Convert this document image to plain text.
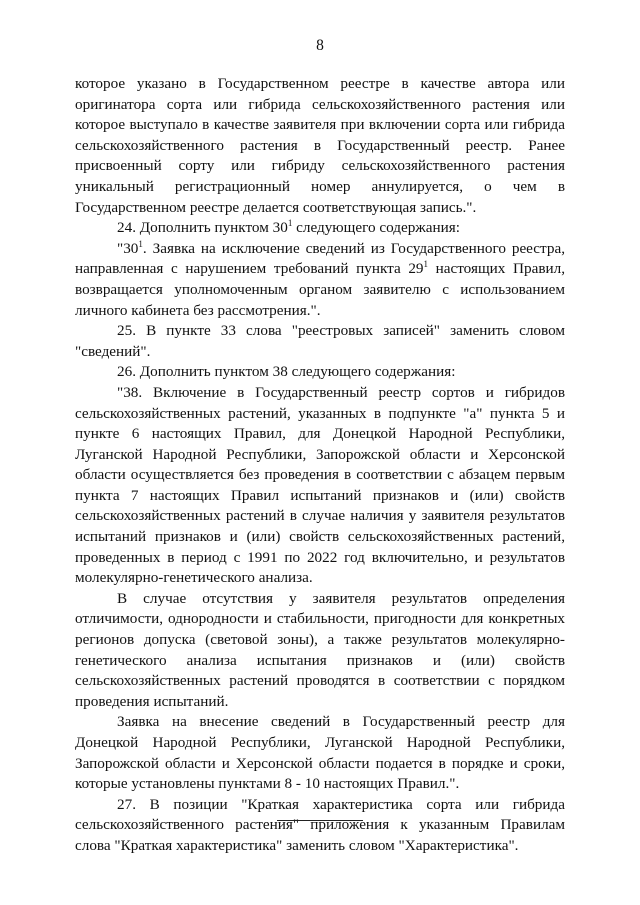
8

которое указано в Государственном реестре в качестве автора или оригинатора сорта или гибрида сельскохозяйственного растения или которое выступало в качестве заявителя при включении сорта или гибрида сельскохозяйственного растения в Государственный реестр. Ранее присвоенный сорту или гибриду сельскохозяйственного растения уникальный регистрационный номер аннулируется, о чем в Государственном реестре делается соответствующая запись.".

24. Дополнить пунктом $30^1$ следующего содержания:

"$30^1$. Заявка на исключение сведений из Государственного реестра, направленная с нарушением требований пункта $29^1$ настоящих Правил, возвращается уполномоченным органом заявителю с использованием личного кабинета без рассмотрения.".

25. В пункте 33 слова "реестровых записей" заменить словом "сведений".

26. Дополнить пунктом 38 следующего содержания:

"38. Включение в Государственный реестр сортов и гибридов сельскохозяйственных растений, указанных в подпункте "а" пункта 5 и пункте 6 настоящих Правил, для Донецкой Народной Республики, Луганской Народной Республики, Запорожской области и Херсонской области осуществляется без проведения в соответствии с абзацем первым пункта 7 настоящих Правил испытаний признаков и (или) свойств сельскохозяйственных растений в случае наличия у заявителя результатов испытаний признаков и (или) свойств сельскохозяйственных растений, проведенных в период с 1991 по 2022 год включительно, и результатов молекулярно-генетического анализа.

В случае отсутствия у заявителя результатов определения отличимости, однородности и стабильности, пригодности для конкретных регионов допуска (световой зоны), а также результатов молекулярно-генетического анализа испытания признаков и (или) свойств сельскохозяйственных растений проводятся в соответствии с порядком проведения испытаний.

Заявка на внесение сведений в Государственный реестр для Донецкой Народной Республики, Луганской Народной Республики, Запорожской области и Херсонской области подается в порядке и сроки, которые установлены пунктами 8 - 10 настоящих Правил.".

27. В позиции "Краткая характеристика сорта или гибрида сельскохозяйственного растения" приложения к указанным Правилам слова "Краткая характеристика" заменить словом "Характеристика".
